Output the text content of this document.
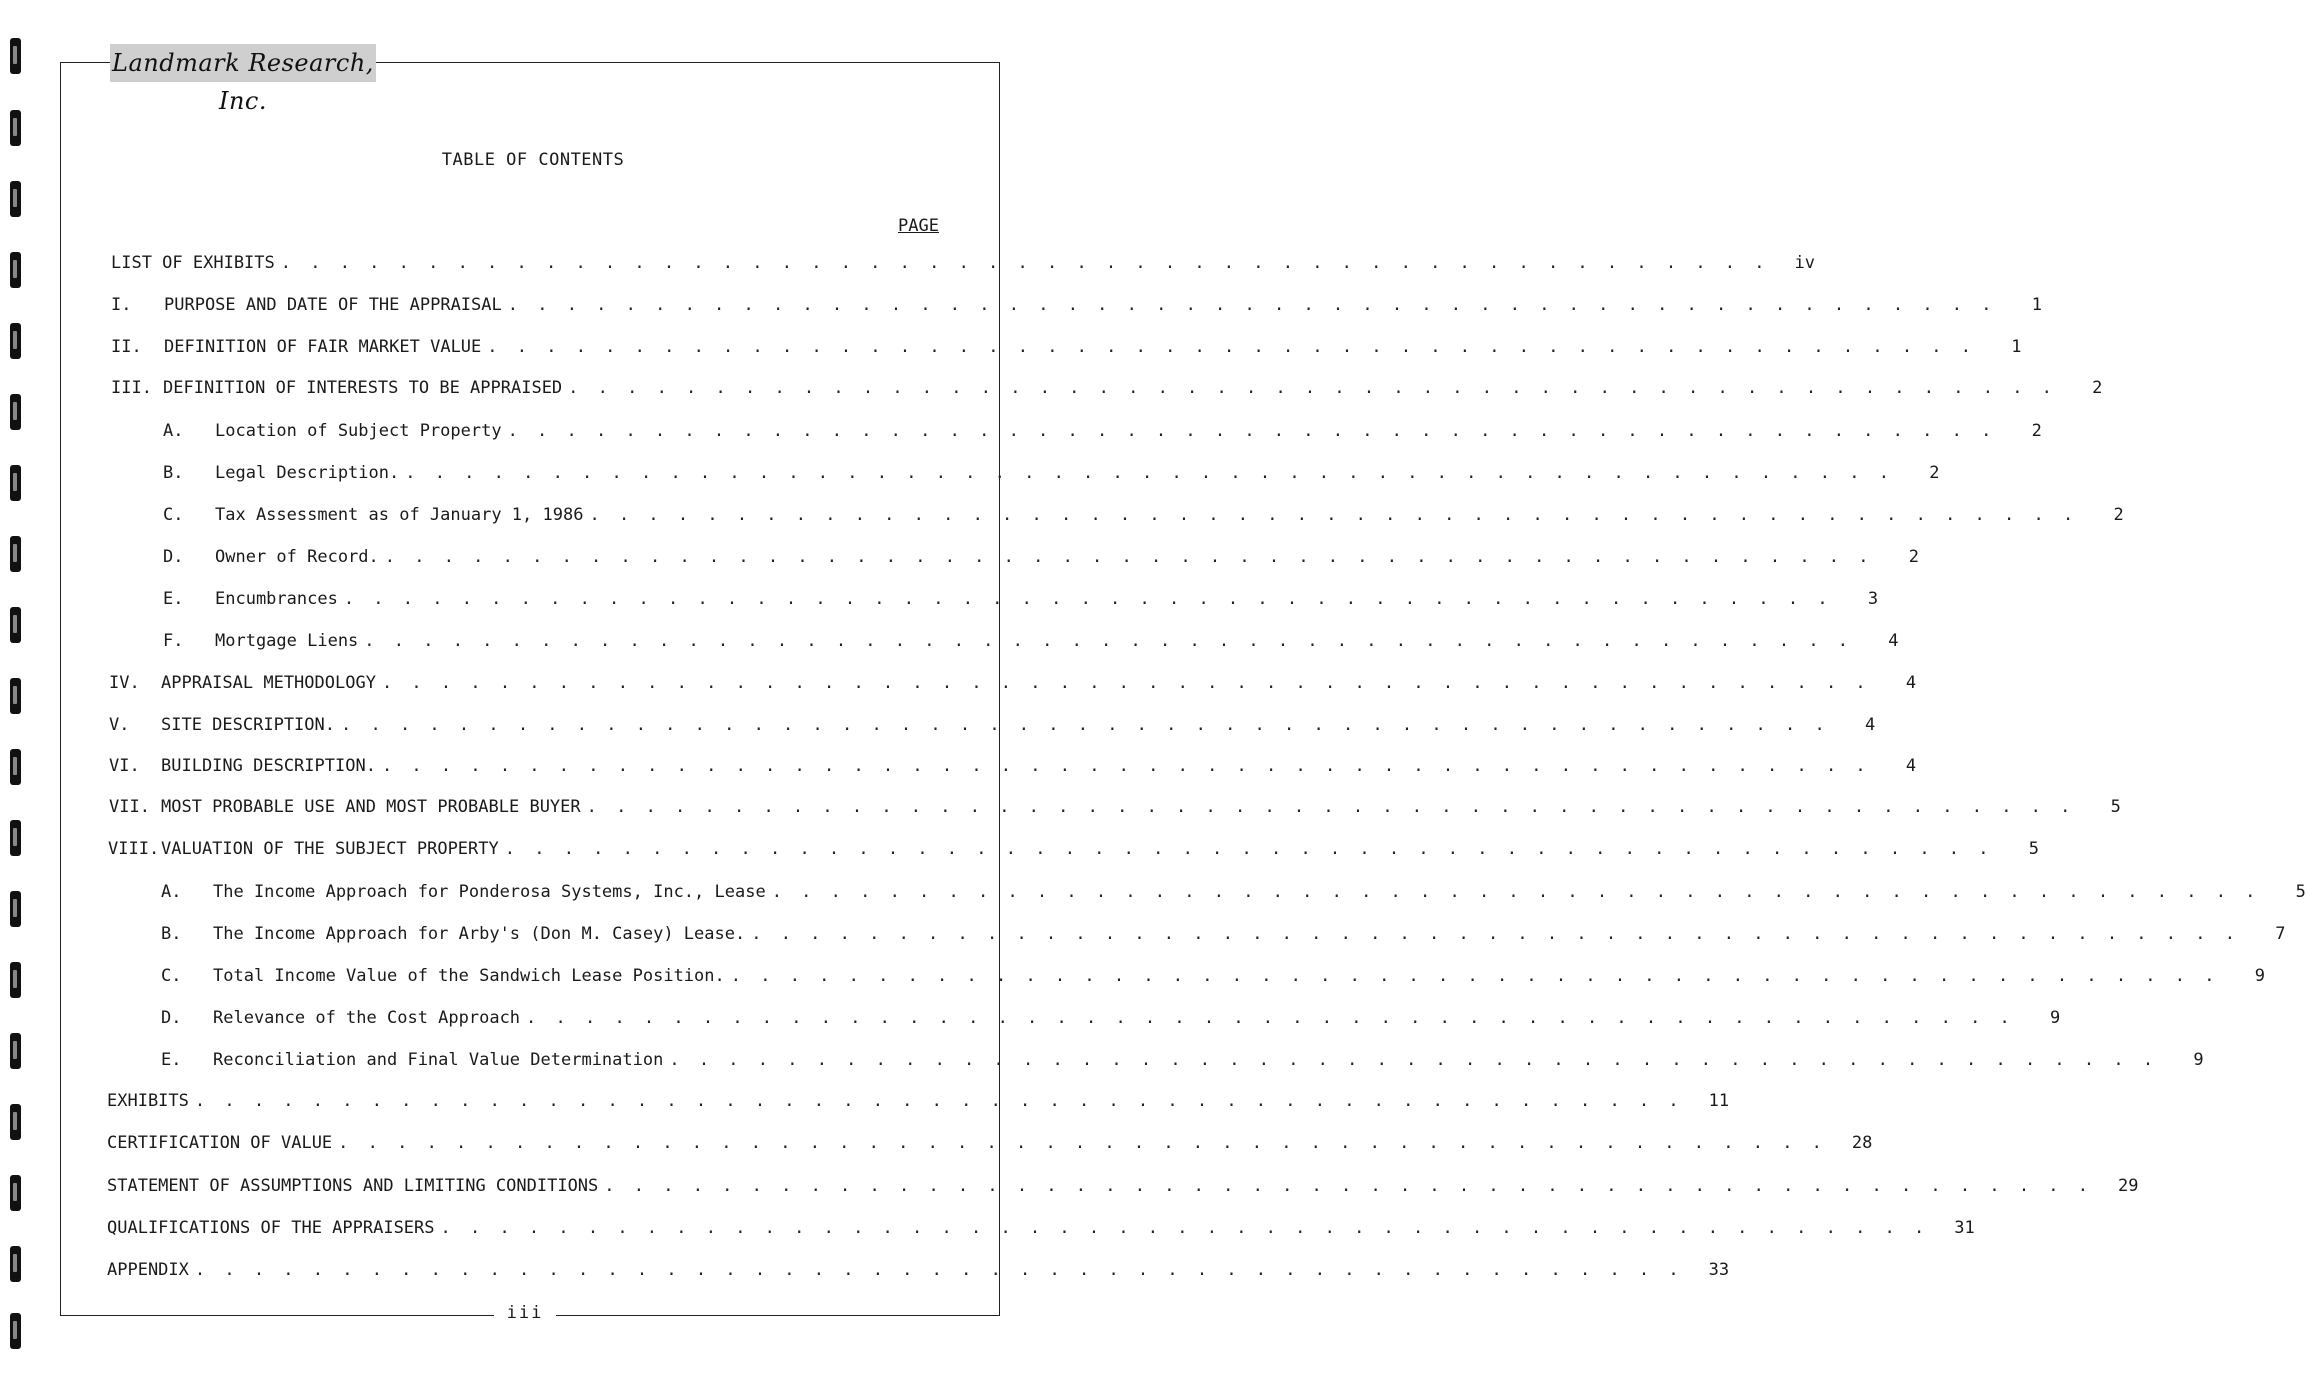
Landmark Research, Inc.
TABLE OF CONTENTS
PAGE
LIST OF EXHIBITS . . . . . . . . . . . . . . . . . . . . . . . . . . . . . . . . . . . . . . . . . . . . . . . . . . .	iv
I.	PURPOSE AND DATE OF THE APPRAISAL . . . . . . . . . . . . . . . . . . . . . . . . . . . . . . . . . . . . . . . . . . . . . . . . . . .	1
II.	DEFINITION OF FAIR MARKET VALUE . . . . . . . . . . . . . . . . . . . . . . . . . . . . . . . . . . . . . . . . . . . . . . . . . . .	1
III. DEFINITION OF INTERESTS TO BE APPRAISED . . . . . . . . . . . . . . . . . . . . . . . . . . . . . . . . . . . . . . . . . . . . . . . . . . .	2
A.	Location of Subject Property . . . . . . . . . . . . . . . . . . . . . . . . . . . . . . . . . . . . . . . . . . . . . . . . . . .	2
B.	Legal Description. . . . . . . . . . . . . . . . . . . . . . . . . . . . . . . . . . . . . . . . . . . . . . . . . . . .	2
C.	Tax Assessment as of January 1, 1986 . . . . . . . . . . . . . . . . . . . . . . . . . . . . . . . . . . . . . . . . . . . . . . . . . . .	2
D.	Owner of Record. . . . . . . . . . . . . . . . . . . . . . . . . . . . . . . . . . . . . . . . . . . . . . . . . . . .	2
E.	Encumbrances . . . . . . . . . . . . . . . . . . . . . . . . . . . . . . . . . . . . . . . . . . . . . . . . . . .	3
F.	Mortgage Liens . . . . . . . . . . . . . . . . . . . . . . . . . . . . . . . . . . . . . . . . . . . . . . . . . . .	4
IV.	APPRAISAL METHODOLOGY . . . . . . . . . . . . . . . . . . . . . . . . . . . . . . . . . . . . . . . . . . . . . . . . . . .	4
V.	SITE DESCRIPTION. . . . . . . . . . . . . . . . . . . . . . . . . . . . . . . . . . . . . . . . . . . . . . . . . . . .	4
VI.	BUILDING DESCRIPTION. . . . . . . . . . . . . . . . . . . . . . . . . . . . . . . . . . . . . . . . . . . . . . . . . . . .	4
VII. MOST PROBABLE USE AND MOST PROBABLE BUYER . . . . . . . . . . . . . . . . . . . . . . . . . . . . . . . . . . . . . . . . . . . . . . . . . . .	5
VIII. VALUATION OF THE SUBJECT PROPERTY . . . . . . . . . . . . . . . . . . . . . . . . . . . . . . . . . . . . . . . . . . . . . . . . . . .	5
A.	The Income Approach for Ponderosa Systems, Inc., Lease . . . . . . . . . . . . . . . . . . . . . . . . . . . . . . . . . . . . . . . . . . . . . . . . . . .	5
B.	The Income Approach for Arby's (Don M. Casey) Lease. . . . . . . . . . . . . . . . . . . . . . . . . . . . . . . . . . . . . . . . . . . . . . . . . . . .	7
C.	Total Income Value of the Sandwich Lease Position. . . . . . . . . . . . . . . . . . . . . . . . . . . . . . . . . . . . . . . . . . . . . . . . . . . .	9
D.	Relevance of the Cost Approach . . . . . . . . . . . . . . . . . . . . . . . . . . . . . . . . . . . . . . . . . . . . . . . . . . .	9
E.	Reconciliation and Final Value Determination . . . . . . . . . . . . . . . . . . . . . . . . . . . . . . . . . . . . . . . . . . . . . . . . . . .	9
EXHIBITS . . . . . . . . . . . . . . . . . . . . . . . . . . . . . . . . . . . . . . . . . . . . . . . . . . .	11
CERTIFICATION OF VALUE . . . . . . . . . . . . . . . . . . . . . . . . . . . . . . . . . . . . . . . . . . . . . . . . . . .	28
STATEMENT OF ASSUMPTIONS AND LIMITING CONDITIONS . . . . . . . . . . . . . . . . . . . . . . . . . . . . . . . . . . . . . . . . . . . . . . . . . . .	29
QUALIFICATIONS OF THE APPRAISERS . . . . . . . . . . . . . . . . . . . . . . . . . . . . . . . . . . . . . . . . . . . . . . . . . . .	31
APPENDIX . . . . . . . . . . . . . . . . . . . . . . . . . . . . . . . . . . . . . . . . . . . . . . . . . . .	33
iii
